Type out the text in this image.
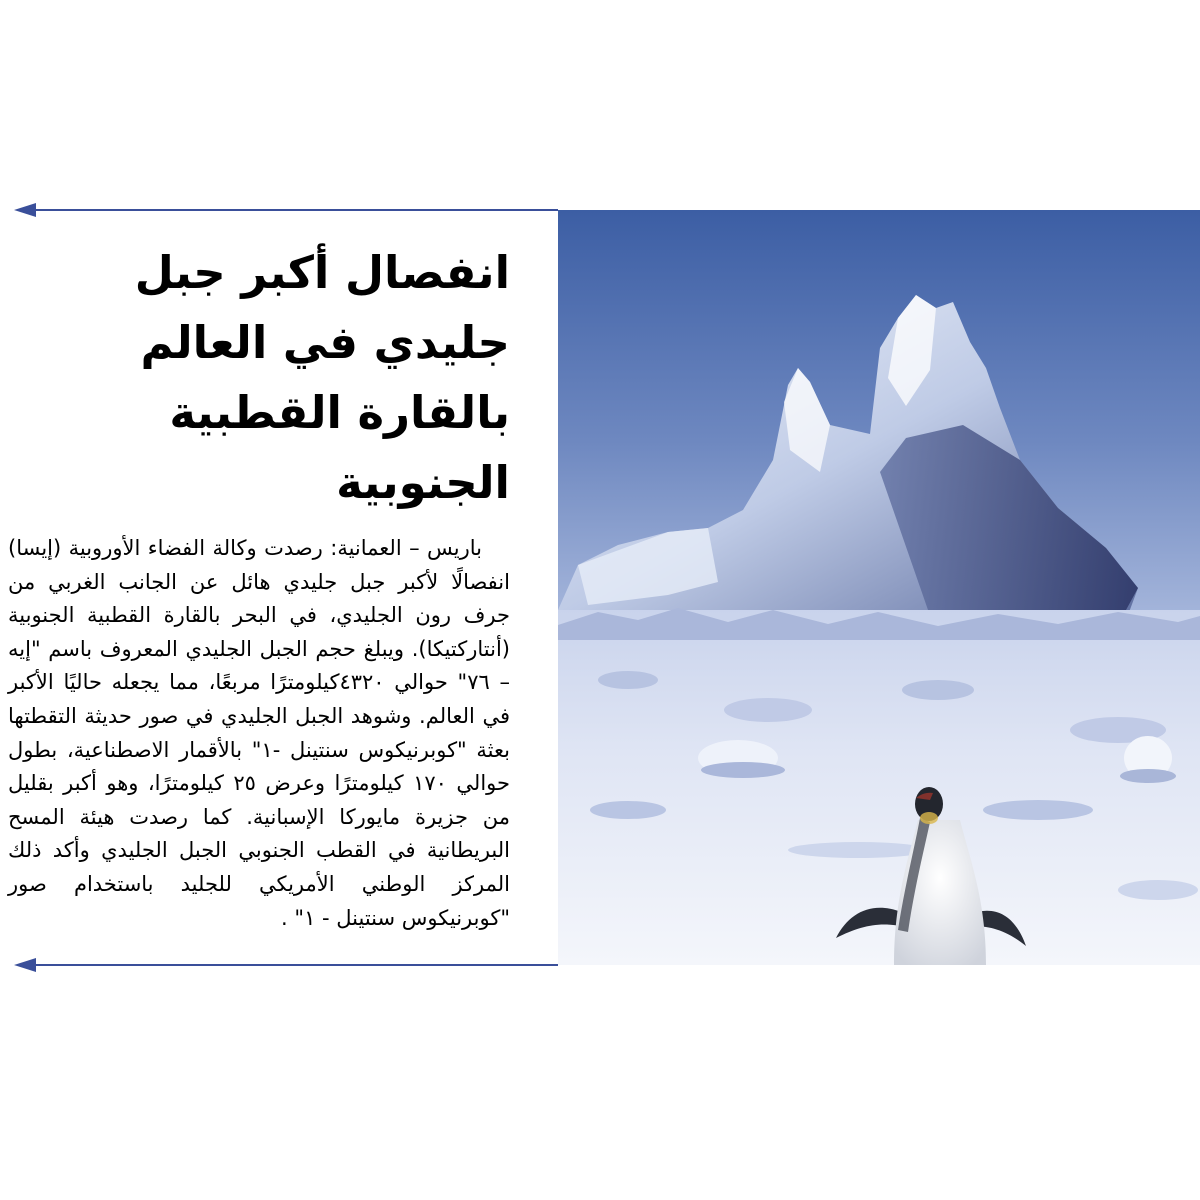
انفصال أكبر جبل جليدي في العالم بالقارة القطبية الجنوبية

باريس – العمانية: رصدت وكالة الفضاء الأوروبية (إيسا) انفصالًا لأكبر جبل جليدي هائل عن الجانب الغربي من جرف رون الجليدي، في البحر بالقارة القطبية الجنوبية (أنتاركتيكا). ويبلغ حجم الجبل الجليدي المعروف باسم "إيه – ٧٦" حوالي ٤٣٢٠كيلومترًا مربعًا، مما يجعله حاليًا الأكبر في العالم. وشوهد الجبل الجليدي في صور حديثة التقطتها بعثة "كوبرنيكوس سنتينل -١" بالأقمار الاصطناعية، بطول حوالي ١٧٠ كيلومترًا وعرض ٢٥ كيلومترًا، وهو أكبر بقليل من جزيرة مايوركا الإسبانية. كما رصدت هيئة المسح البريطانية في القطب الجنوبي الجبل الجليدي وأكد ذلك المركز الوطني الأمريكي للجليد باستخدام صور "كوبرنيكوس سنتينل - ١" .
